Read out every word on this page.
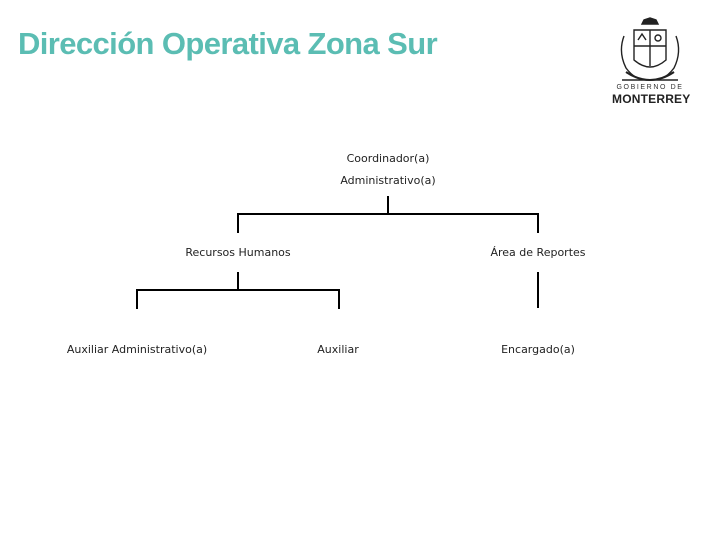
Dirección Operativa Zona Sur
GOBIERNO DE
MONTERREY
Coordinador(a)
Administrativo(a)
Recursos Humanos	Área de Reportes
Auxiliar Administrativo(a)	Auxiliar	Encargado(a)
